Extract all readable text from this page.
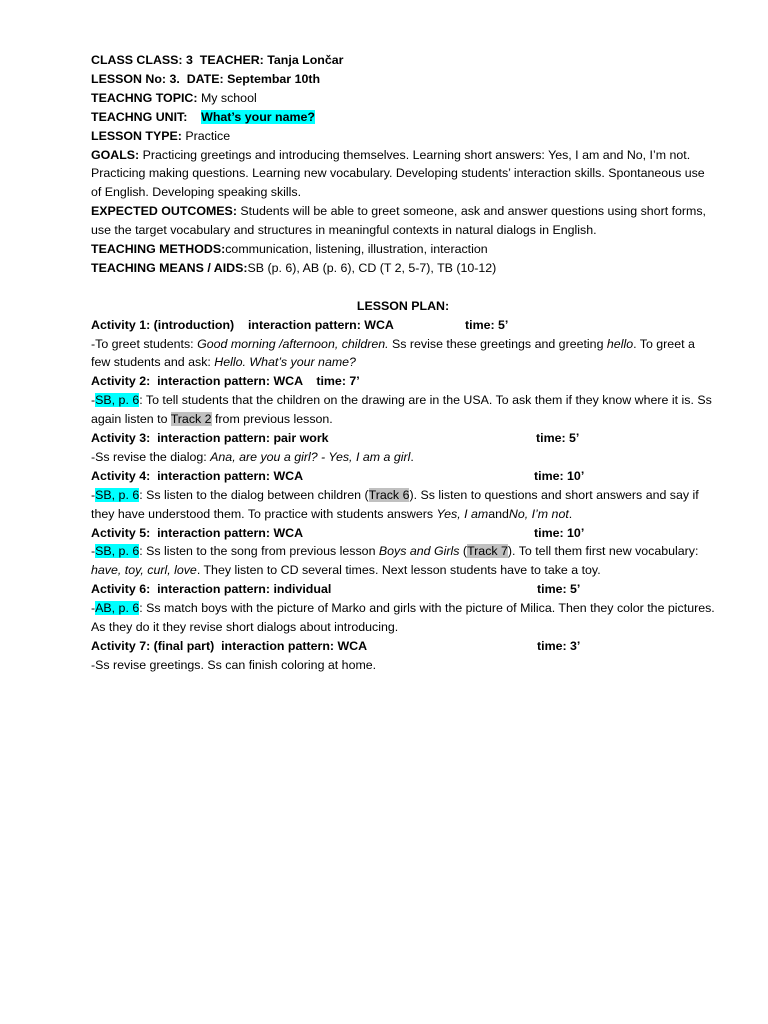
CLASS CLASS: 3 TEACHER: Tanja Lončar
LESSON No: 3. DATE: Septembar 10th
TEACHNG TOPIC: My school
TEACHNG UNIT: What’s your name?
LESSON TYPE: Practice
GOALS: Practicing greetings and introducing themselves. Learning short answers: Yes, I am and No, I’m not. Practicing making questions. Learning new vocabulary. Developing students’ interaction skills. Spontaneous use of English. Developing speaking skills.
EXPECTED OUTCOMES: Students will be able to greet someone, ask and answer questions using short forms, use the target vocabulary and structures in meaningful contexts in natural dialogs in English.
TEACHING METHODS:communication, listening, illustration, interaction
TEACHING MEANS / AIDS:SB (p. 6), AB (p. 6), CD (T 2, 5-7), TB (10-12)
LESSON PLAN:
Activity 1: (introduction)    interaction pattern: WCA	time: 5’
-To greet students: Good morning /afternoon, children. Ss revise these greetings and greeting hello. To greet a few students and ask: Hello. What’s your name?
Activity 2:  interaction pattern: WCA    time: 7’
-SB, p. 6: To tell students that the children on the drawing are in the USA. To ask them if they know where it is. Ss again listen to Track 2 from previous lesson.
Activity 3:  interaction pattern: pair work	time: 5’
-Ss revise the dialog: Ana, are you a girl? - Yes, I am a girl.
Activity 4:  interaction pattern: WCA	time: 10’
-SB, p. 6: Ss listen to the dialog between children (Track 6). Ss listen to questions and short answers and say if they have understood them. To practice with students answers Yes, I amandNo, I’m not.
Activity 5:  interaction pattern: WCA	time: 10’
-SB, p. 6: Ss listen to the song from previous lesson Boys and Girls (Track 7). To tell them first new vocabulary: have, toy, curl, love. They listen to CD several times. Next lesson students have to take a toy.
Activity 6:  interaction pattern: individual	time: 5’
-AB, p. 6: Ss match boys with the picture of Marko and girls with the picture of Milica. Then they color the pictures. As they do it they revise short dialogs about introducing.
Activity 7: (final part)  interaction pattern: WCA	time: 3’
-Ss revise greetings. Ss can finish coloring at home.
